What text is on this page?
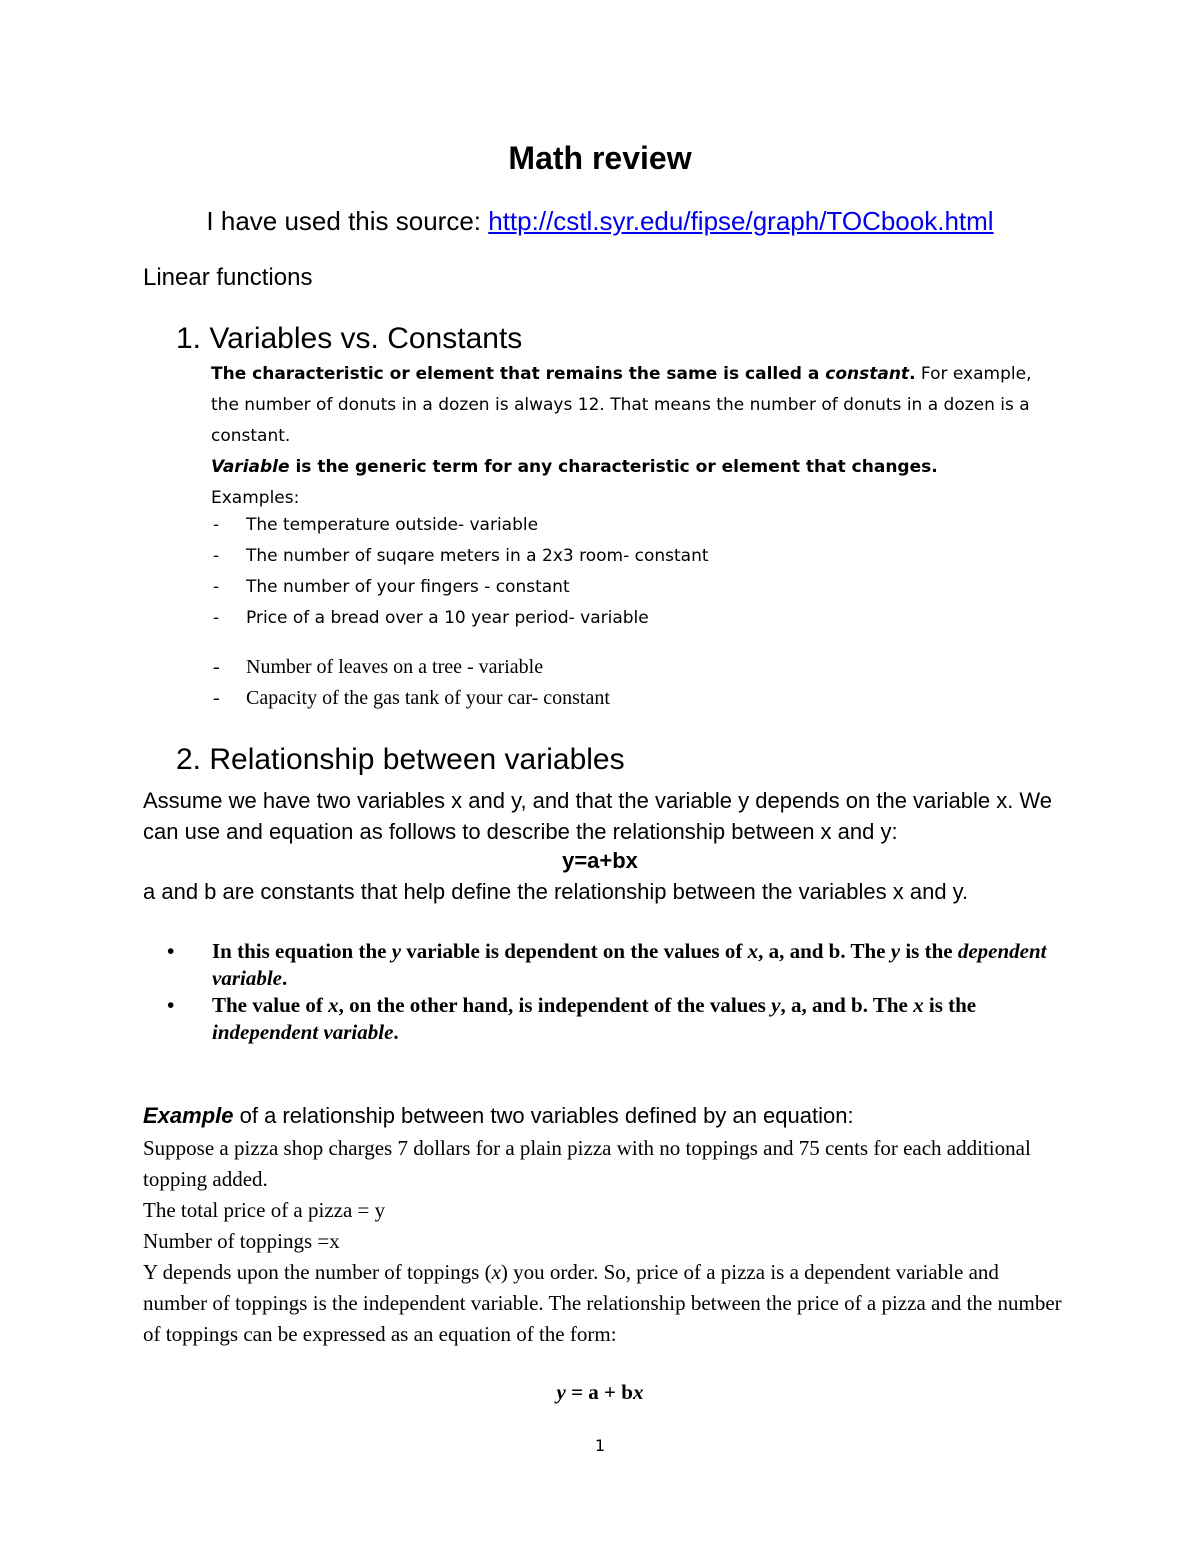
Math review
I have used this source: http://cstl.syr.edu/fipse/graph/TOCbook.html
Linear functions
1. Variables vs. Constants
The characteristic or element that remains the same is called a constant. For example, the number of donuts in a dozen is always 12. That means the number of donuts in a dozen is a constant.
Variable is the generic term for any characteristic or element that changes.
Examples:
- The temperature outside- variable
- The number of suqare meters in a 2x3 room- constant
- The number of your fingers - constant
- Price of a bread over a 10 year period- variable
- Number of leaves on a tree - variable
- Capacity of the gas tank of your car- constant
2. Relationship between variables
Assume we have two variables x and y, and that the variable y depends on the variable x. We can use and equation as follows to describe the relationship between x and y:
y=a+bx
a and b are constants that help define the relationship between the variables x and y.
• In this equation the y variable is dependent on the values of x, a, and b. The y is the dependent variable.
• The value of x, on the other hand, is independent of the values y, a, and b. The x is the independent variable.
Example of a relationship between two variables defined by an equation:
Suppose a pizza shop charges 7 dollars for a plain pizza with no toppings and 75 cents for each additional topping added.
The total price of a pizza = y
Number of toppings =x
Y depends upon the number of toppings (x) you order. So, price of a pizza is a dependent variable and number of toppings is the independent variable. The relationship between the price of a pizza and the number of toppings can be expressed as an equation of the form:
y = a + bx
1
